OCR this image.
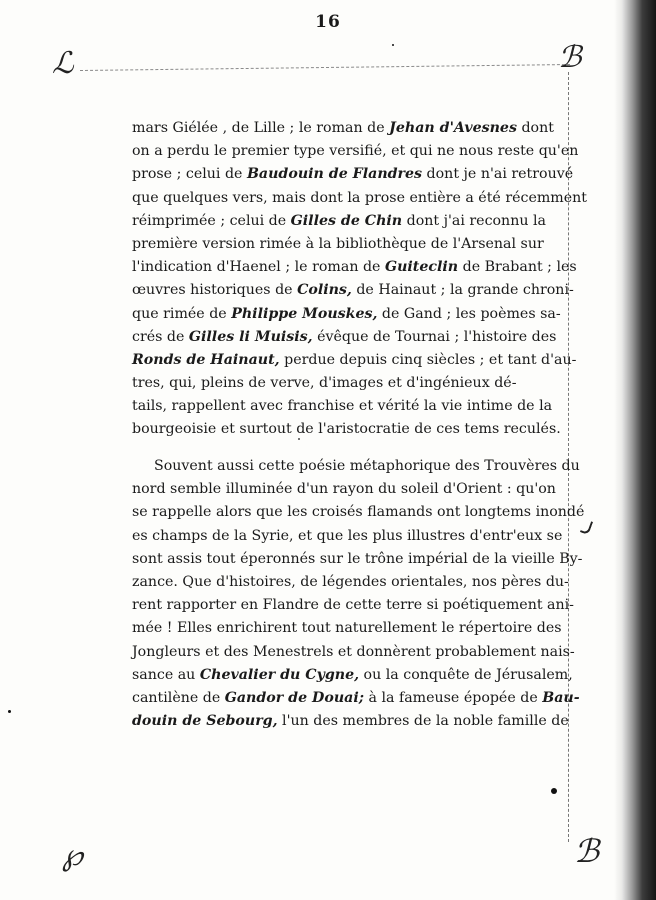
16
ℒ	ℬ
℘	ℬ
mars Giélée , de Lille ; le roman de Jehan d'Avesnes dont
on a perdu le premier type versifié, et qui ne nous reste qu'en
prose ; celui de Baudouin de Flandres dont je n'ai retrouvé
que quelques vers, mais dont la prose entière a été récemment
réimprimée ; celui de Gilles de Chin dont j'ai reconnu la
première version rimée à la bibliothèque de l'Arsenal sur
l'indication d'Haenel ; le roman de Guiteclin de Brabant ; les
œuvres historiques de Colins, de Hainaut ; la grande chroni-
que rimée de Philippe Mouskes, de Gand ; les poèmes sa-
crés de Gilles li Muisis, évêque de Tournai ; l'histoire des
Ronds de Hainaut, perdue depuis cinq siècles ; et tant d'au-
tres, qui, pleins de verve, d'images et d'ingénieux dé-
tails, rappellent avec franchise et vérité la vie intime de la
bourgeoisie et surtout de l'aristocratie de ces tems reculés.
Souvent aussi cette poésie métaphorique des Trouvères du
nord semble illuminée d'un rayon du soleil d'Orient : qu'on
se rappelle alors que les croisés flamands ont longtems inondé
es champs de la Syrie, et que les plus illustres d'entr'eux se
sont assis tout éperonnés sur le trône impérial de la vieille By-
zance. Que d'histoires, de légendes orientales, nos pères du-
rent rapporter en Flandre de cette terre si poétiquement ani-
mée ! Elles enrichirent tout naturellement le répertoire des
Jongleurs et des Menestrels et donnèrent probablement nais-
sance au Chevalier du Cygne, ou la conquête de Jérusalem,
cantilène de Gandor de Douai; à la fameuse épopée de Bau-
douin de Sebourg, l'un des membres de la noble famille de
